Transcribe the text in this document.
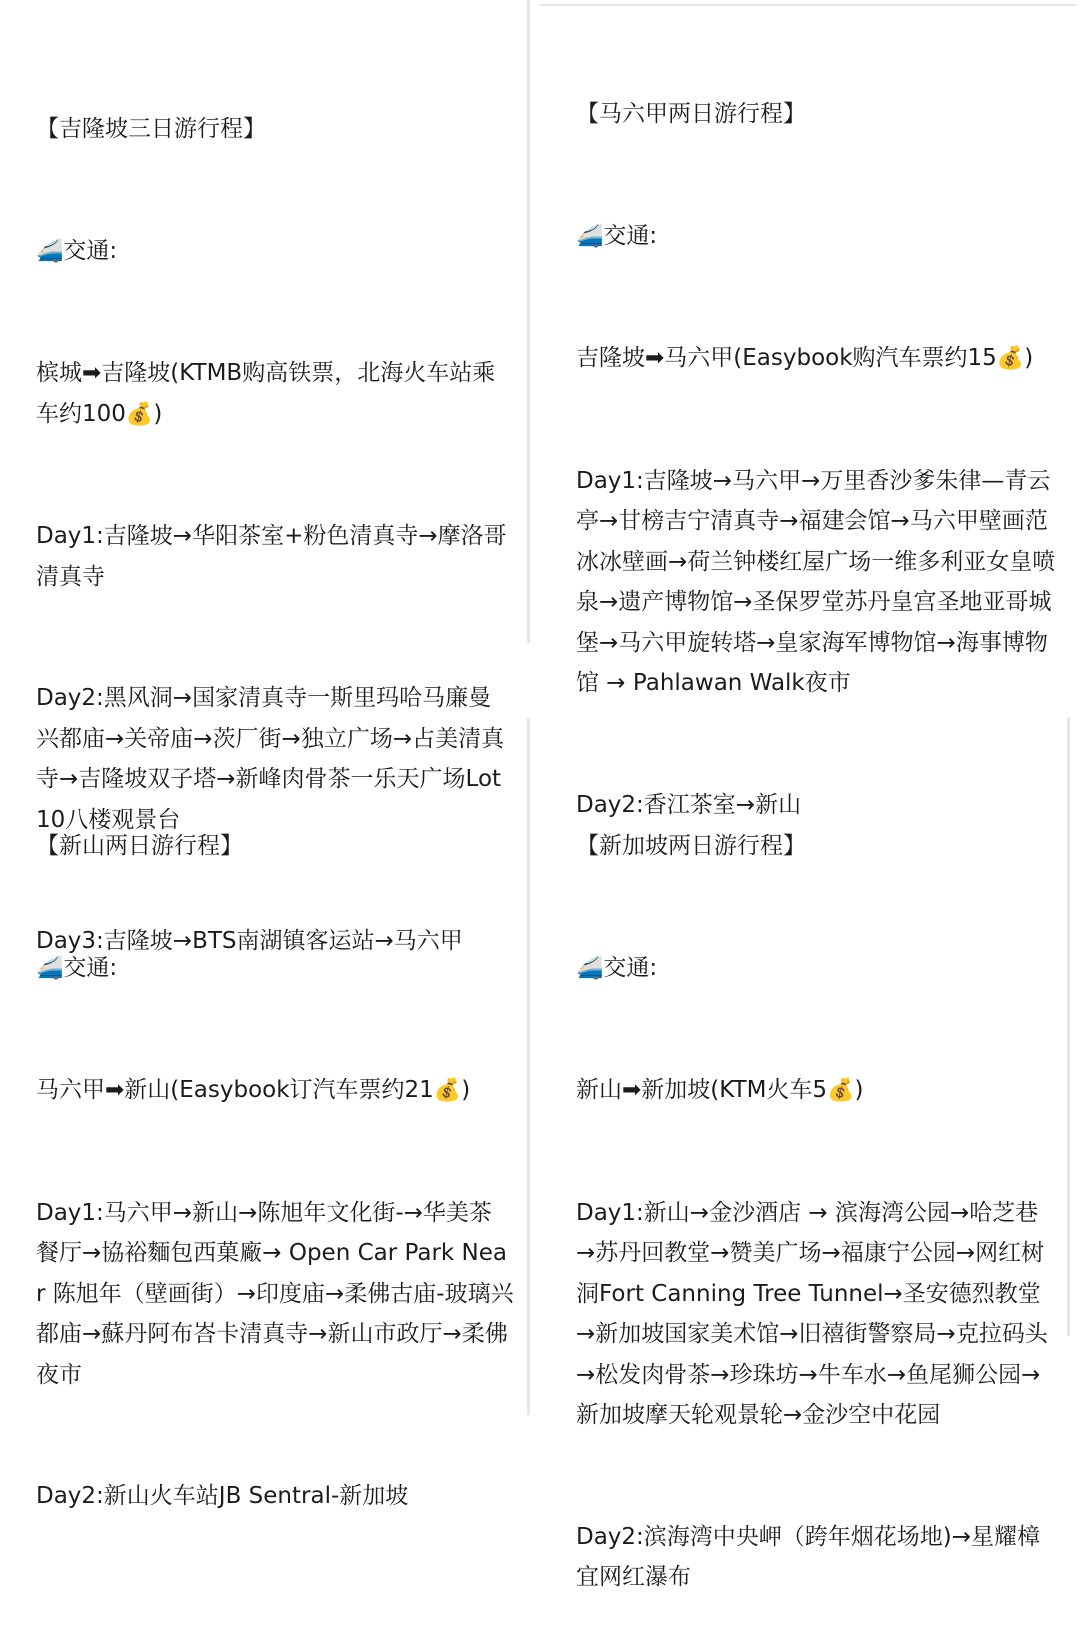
【吉隆坡三日游行程】

🚄交通:

槟城➡吉隆坡(KTMB购高铁票，北海火车站乘车约100💰)

Day1:吉隆坡→华阳茶室+粉色清真寺→摩洛哥清真寺

Day2:黑风洞→国家清真寺一斯里玛哈马廉曼兴都庙→关帝庙→茨厂街→独立广场→占美清真寺→吉隆坡双子塔→新峰肉骨茶一乐天广场Lot10八楼观景台

Day3:吉隆坡→BTS南湖镇客运站→马六甲

【马六甲两日游行程】

🚄交通:

吉隆坡➡马六甲(Easybook购汽车票约15💰)

Day1:吉隆坡→马六甲→万里香沙爹朱律—青云亭→甘榜吉宁清真寺→福建会馆→马六甲壁画范冰冰壁画→荷兰钟楼红屋广场一维多利亚女皇喷泉→遗产博物馆→圣保罗堂苏丹皇宫圣地亚哥城堡→马六甲旋转塔→皇家海军博物馆→海事博物馆 → Pahlawan Walk夜市

Day2:香江茶室→新山

【新山两日游行程】

🚄交通:

马六甲➡新山(Easybook订汽车票约21💰)

Day1:马六甲→新山→陈旭年文化街-→华美茶餐厅→協裕麵包西菓廠→ Open Car Park Near 陈旭年（壁画街）→印度庙→柔佛古庙-玻璃兴都庙→蘇丹阿布峇卡清真寺→新山市政厅→柔佛夜市

Day2:新山火车站JB Sentral-新加坡

【新加坡两日游行程】

🚄交通:

新山➡新加坡(KTM火车5💰)

Day1:新山→金沙酒店 → 滨海湾公园→哈芝巷→苏丹回教堂→赞美广场→福康宁公园→网红树洞Fort Canning Tree Tunnel→圣安德烈教堂→新加坡国家美术馆→旧禧街警察局→克拉码头→松发肉骨茶→珍珠坊→牛车水→鱼尾狮公园→新加坡摩天轮观景轮→金沙空中花园

Day2:滨海湾中央岬（跨年烟花场地)→星耀樟宜网红瀑布
